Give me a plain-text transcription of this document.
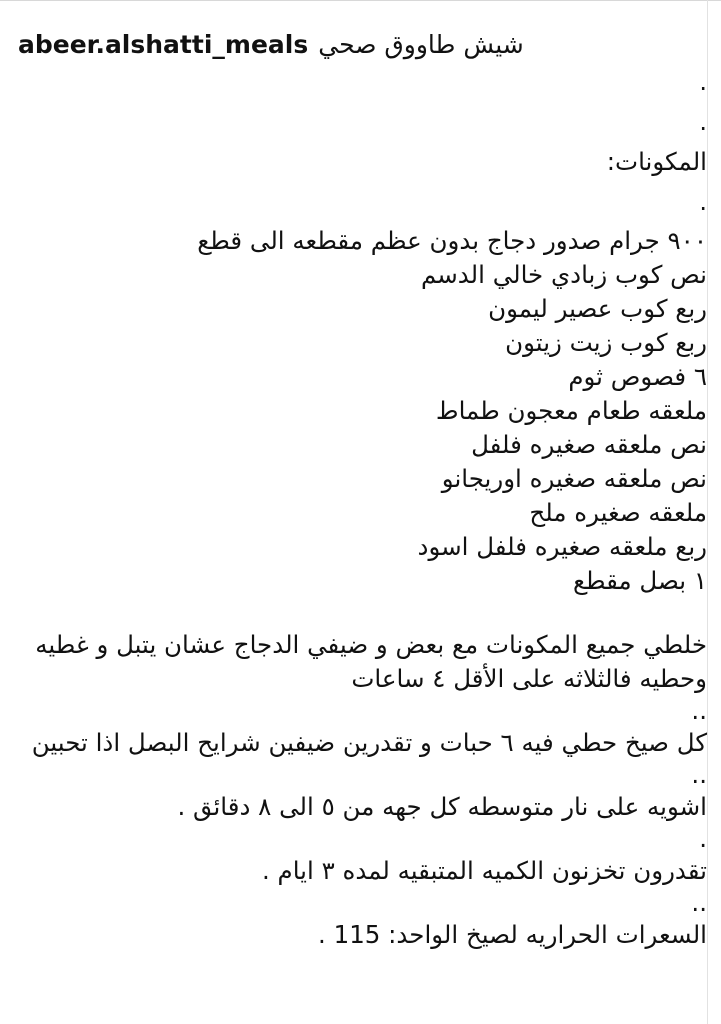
abeer.alshatti_meals شيش طاووق صحي
.
.
المكونات:
.
٩٠٠ جرام صدور دجاج بدون عظم مقطعه الى قطع
نص كوب زبادي خالي الدسم
ربع كوب عصير ليمون
ربع كوب زيت زيتون
٦ فصوص ثوم
ملعقه طعام معجون طماط
نص ملعقه صغيره فلفل
نص ملعقه صغيره اوريجانو
ملعقه صغيره ملح
ربع ملعقه صغيره فلفل اسود
١ بصل مقطع
خلطي جميع المكونات مع بعض و ضيفي الدجاج عشان يتبل و غطيه وحطيه فالثلاثه على الأقل ٤ ساعات
..
كل صيخ حطي فيه ٦ حبات و تقدرين ضيفين شرايح البصل اذا تحبين
..
اشويه على نار متوسطه كل جهه من ٥ الى ٨ دقائق .
.
تقدرون تخزنون الكميه المتبقيه لمده ٣ ايام .
..
السعرات الحراريه لصيخ الواحد: 115 .
